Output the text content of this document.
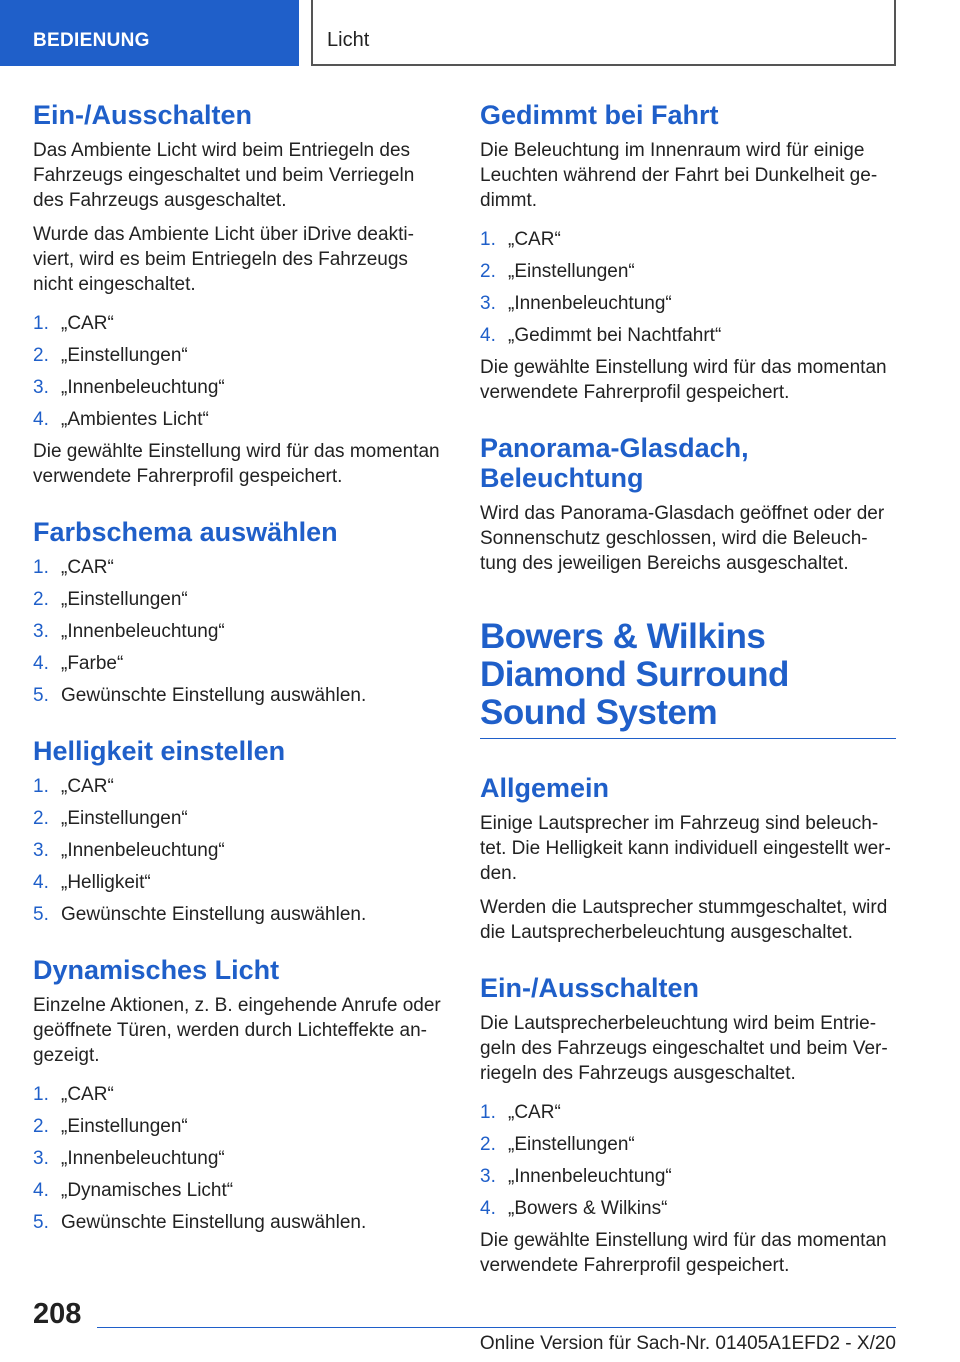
BEDIENUNG	Licht
Ein-/Ausschalten

Das Ambiente Licht wird beim Entriegeln des Fahrzeugs eingeschaltet und beim Verriegeln des Fahrzeugs ausgeschaltet.

Wurde das Ambiente Licht über iDrive deaktiviert, wird es beim Entriegeln des Fahrzeugs nicht eingeschaltet.

1. „CAR“
2. „Einstellungen“
3. „Innenbeleuchtung“
4. „Ambientes Licht“

Die gewählte Einstellung wird für das momentan verwendete Fahrerprofil gespeichert.

Farbschema auswählen
1. „CAR“
2. „Einstellungen“
3. „Innenbeleuchtung“
4. „Farbe“
5. Gewünschte Einstellung auswählen.
Helligkeit einstellen
1. „CAR“
2. „Einstellungen“
3. „Innenbeleuchtung“
4. „Helligkeit“
5. Gewünschte Einstellung auswählen.
Dynamisches Licht

Einzelne Aktionen, z. B. eingehende Anrufe oder geöffnete Türen, werden durch Lichteffekte angezeigt.

1. „CAR“
2. „Einstellungen“
3. „Innenbeleuchtung“
4. „Dynamisches Licht“
5. Gewünschte Einstellung auswählen.
Gedimmt bei Fahrt

Die Beleuchtung im Innenraum wird für einige Leuchten während der Fahrt bei Dunkelheit gedimmt.

1. „CAR“
2. „Einstellungen“
3. „Innenbeleuchtung“
4. „Gedimmt bei Nachtfahrt“

Die gewählte Einstellung wird für das momentan verwendete Fahrerprofil gespeichert.

Panorama-Glasdach, Beleuchtung

Wird das Panorama-Glasdach geöffnet oder der Sonnenschutz geschlossen, wird die Beleuchtung des jeweiligen Bereichs ausgeschaltet.

Bowers & Wilkins Diamond Surround Sound System
Allgemein

Einige Lautsprecher im Fahrzeug sind beleuchtet. Die Helligkeit kann individuell eingestellt werden.

Werden die Lautsprecher stummgeschaltet, wird die Lautsprecherbeleuchtung ausgeschaltet.

Ein-/Ausschalten

Die Lautsprecherbeleuchtung wird beim Entriegeln des Fahrzeugs eingeschaltet und beim Verriegeln des Fahrzeugs ausgeschaltet.

1. „CAR“
2. „Einstellungen“
3. „Innenbeleuchtung“
4. „Bowers & Wilkins“

Die gewählte Einstellung wird für das momentan verwendete Fahrerprofil gespeichert.

208
Online Version für Sach-Nr. 01405A1EFD2 - X/20
